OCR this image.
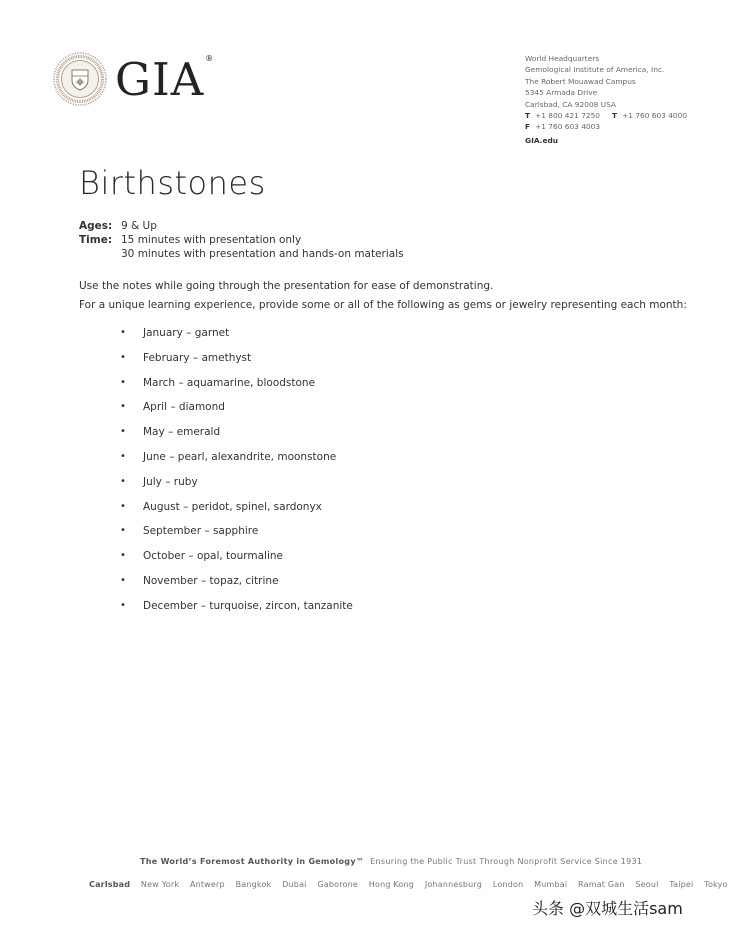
GIA®	World Headquarters
Gemological Institute of America, Inc.
The Robert Mouawad Campus
5345 Armada Drive
Carlsbad, CA 92008 USA
T +1 800 421 7250 T +1 760 603 4000
F +1 760 603 4003
GIA.edu
Birthstones
Ages: 9 & Up
Time: 15 minutes with presentation only
30 minutes with presentation and hands-on materials
Use the notes while going through the presentation for ease of demonstrating.
For a unique learning experience, provide some or all of the following as gems or jewelry representing each month:
•	January – garnet
•	February – amethyst
•	March – aquamarine, bloodstone
•	April – diamond
•	May – emerald
•	June – pearl, alexandrite, moonstone
•	July – ruby
•	August – peridot, spinel, sardonyx
•	September – sapphire
•	October – opal, tourmaline
•	November – topaz, citrine
•	December – turquoise, zircon, tanzanite
The World’s Foremost Authority in Gemology™ Ensuring the Public Trust Through Nonprofit Service Since 1931
Carlsbad New York Antwerp Bangkok Dubai Gaborone Hong Kong Johannesburg London Mumbai Ramat Gan Seoul Taipei Tokyo
头条 @双城生活sam
